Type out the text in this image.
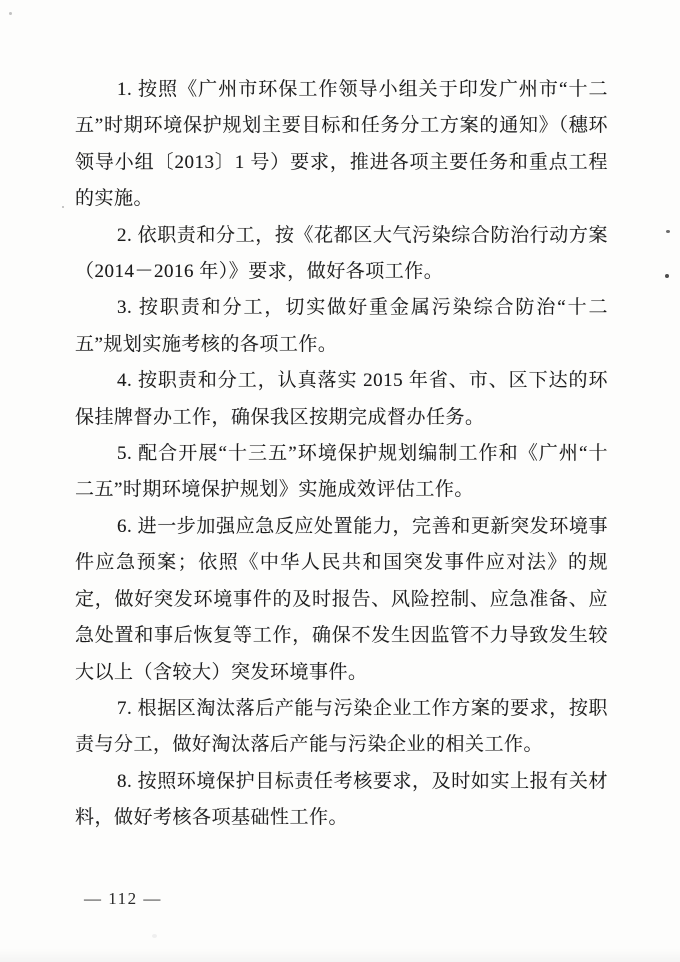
1. 按照《广州市环保工作领导小组关于印发广州市“十二五”时期环境保护规划主要目标和任务分工方案的通知》（穗环领导小组〔2013〕1 号）要求，推进各项主要任务和重点工程的实施。

2. 依职责和分工，按《花都区大气污染综合防治行动方案（2014－2016 年）》要求，做好各项工作。

3. 按职责和分工，切实做好重金属污染综合防治“十二五”规划实施考核的各项工作。

4. 按职责和分工，认真落实 2015 年省、市、区下达的环保挂牌督办工作，确保我区按期完成督办任务。

5. 配合开展“十三五”环境保护规划编制工作和《广州“十二五”时期环境保护规划》实施成效评估工作。

6. 进一步加强应急反应处置能力，完善和更新突发环境事件应急预案；依照《中华人民共和国突发事件应对法》的规定，做好突发环境事件的及时报告、风险控制、应急准备、应急处置和事后恢复等工作，确保不发生因监管不力导致发生较大以上（含较大）突发环境事件。

7. 根据区淘汰落后产能与污染企业工作方案的要求，按职责与分工，做好淘汰落后产能与污染企业的相关工作。

8. 按照环境保护目标责任考核要求，及时如实上报有关材料，做好考核各项基础性工作。

— 112 —
